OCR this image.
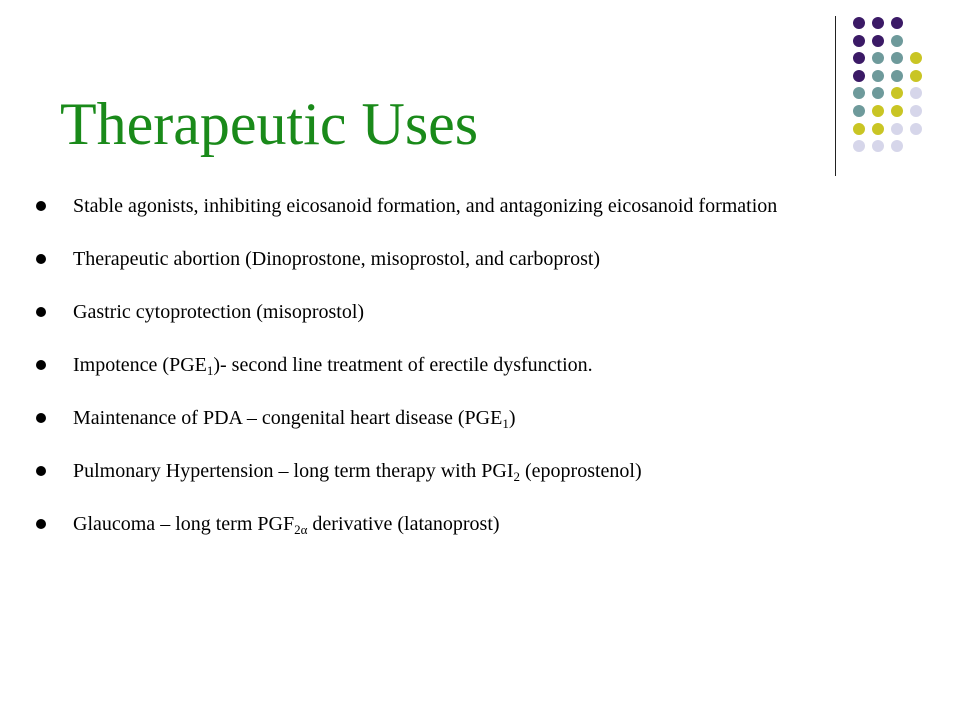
Therapeutic Uses
Stable agonists, inhibiting eicosanoid formation, and antagonizing eicosanoid formation
Therapeutic abortion (Dinoprostone, misoprostol, and carboprost)
Gastric cytoprotection (misoprostol)
Impotence $(PGE_1)-$ second line treatment of erectile dysfunction.
Maintenance of PDA – congenital heart disease $(PGE_1)$
Pulmonary Hypertension – long term therapy with $PGI_2$ (epoprostenol)
Glaucoma – long term $PGF_{2\alpha}$ derivative (latanoprost)
